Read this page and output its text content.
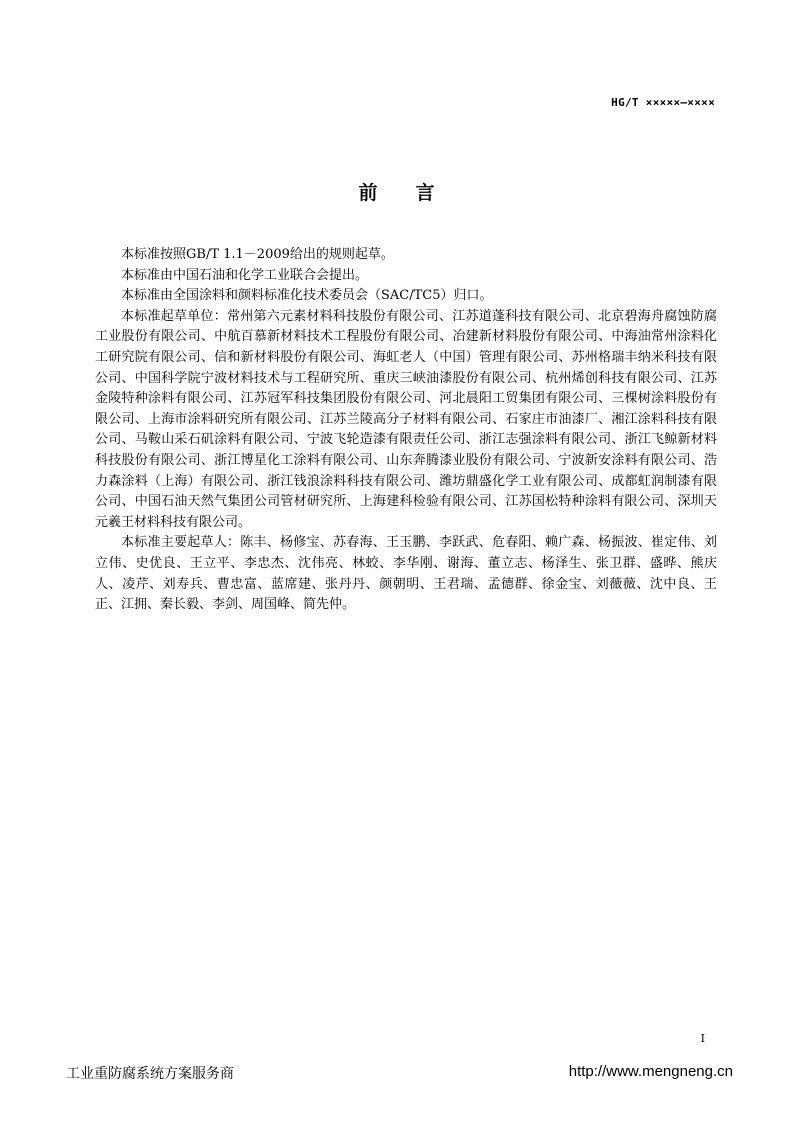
HG/T ×××××—××××
前言

本标准按照GB/T 1.1－2009给出的规则起草。

本标准由中国石油和化学工业联合会提出。

本标准由全国涂料和颜料标准化技术委员会（SAC/TC5）归口。

本标准起草单位：常州第六元素材料科技股份有限公司、江苏道蓬科技有限公司、北京碧海舟腐蚀防腐工业股份有限公司、中航百慕新材料技术工程股份有限公司、冶建新材料股份有限公司、中海油常州涂料化工研究院有限公司、信和新材料股份有限公司、海虹老人（中国）管理有限公司、苏州格瑞丰纳米科技有限公司、中国科学院宁波材料技术与工程研究所、重庆三峡油漆股份有限公司、杭州烯创科技有限公司、江苏金陵特种涂料有限公司、江苏冠军科技集团股份有限公司、河北晨阳工贸集团有限公司、三棵树涂料股份有限公司、上海市涂料研究所有限公司、江苏兰陵高分子材料有限公司、石家庄市油漆厂、湘江涂料科技有限公司、马鞍山采石矶涂料有限公司、宁波飞轮造漆有限责任公司、浙江志强涂料有限公司、浙江飞鲸新材料科技股份有限公司、浙江博星化工涂料有限公司、山东奔腾漆业股份有限公司、宁波新安涂料有限公司、浩力森涂料（上海）有限公司、浙江钱浪涂料科技有限公司、潍坊鼎盛化学工业有限公司、成都虹润制漆有限公司、中国石油天然气集团公司管材研究所、上海建科检验有限公司、江苏国松特种涂料有限公司、深圳天元羲王材料科技有限公司。

本标准主要起草人：陈丰、杨修宝、苏春海、王玉鹏、李跃武、危春阳、赖广森、杨振波、崔定伟、刘立伟、史优良、王立平、李忠杰、沈伟亮、林蛟、李华刚、谢海、董立志、杨泽生、张卫群、盛晔、熊庆人、凌芹、刘寿兵、曹忠富、蓝席建、张丹丹、颜朝明、王君瑞、孟德群、徐金宝、刘薇薇、沈中良、王正、江拥、秦长毅、李剑、周国峰、简先仲。

I
工业重防腐系统方案服务商	http://www.mengneng.cn
